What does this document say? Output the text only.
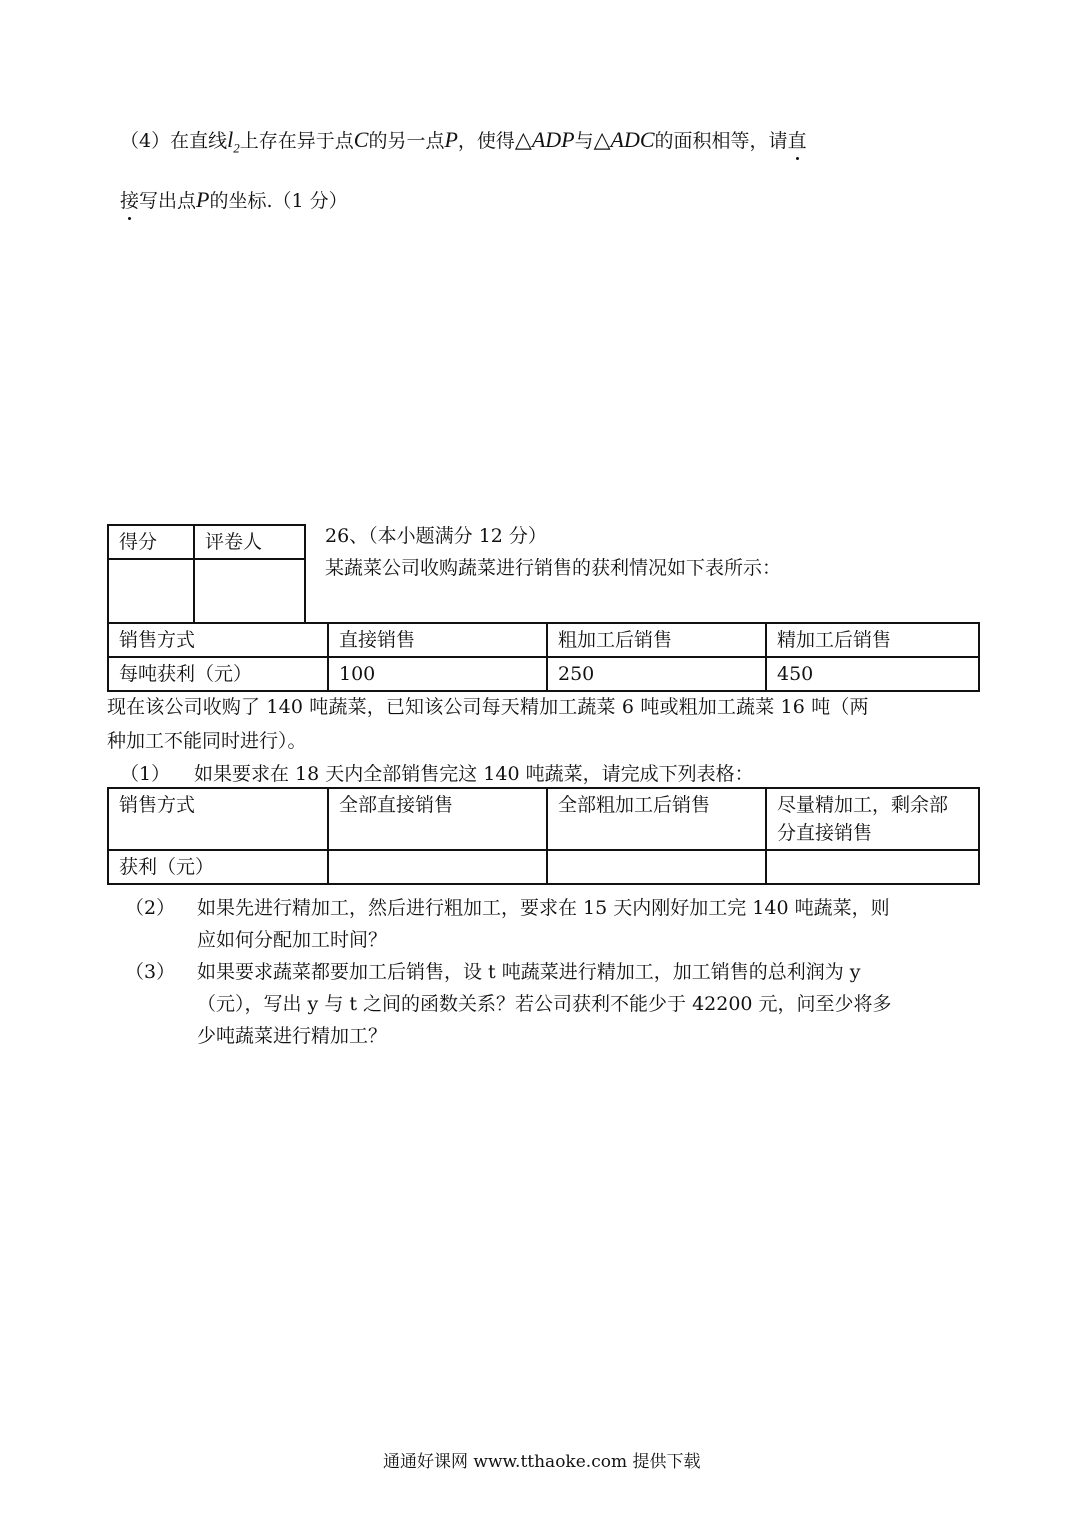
（4）在直线$l_2$上存在异于点C的另一点P，使得△ADP与△ADC的面积相等，请直
接写出点P的坐标.（1 分）
得分	评卷人
		26、（本小题满分 12 分）
某蔬菜公司收购蔬菜进行销售的获利情况如下表所示：
销售方式	直接销售	粗加工后销售	精加工后销售
每吨获利（元）	100	250	450
现在该公司收购了 140 吨蔬菜，已知该公司每天精加工蔬菜 6 吨或粗加工蔬菜 16 吨（两
种加工不能同时进行）。
（1） 如果要求在 18 天内全部销售完这 140 吨蔬菜，请完成下列表格：
销售方式	全部直接销售	全部粗加工后销售	尽量精加工，剩余部
分直接销售

获利（元）			
（2）	如果先进行精加工，然后进行粗加工，要求在 15 天内刚好加工完 140 吨蔬菜，则
应如何分配加工时间？
（3）	如果要求蔬菜都要加工后销售，设 t 吨蔬菜进行精加工，加工销售的总利润为 y
（元），写出 y 与 t 之间的函数关系？若公司获利不能少于 42200 元，问至少将多
少吨蔬菜进行精加工？
通通好课网 www.tthaoke.com 提供下载
